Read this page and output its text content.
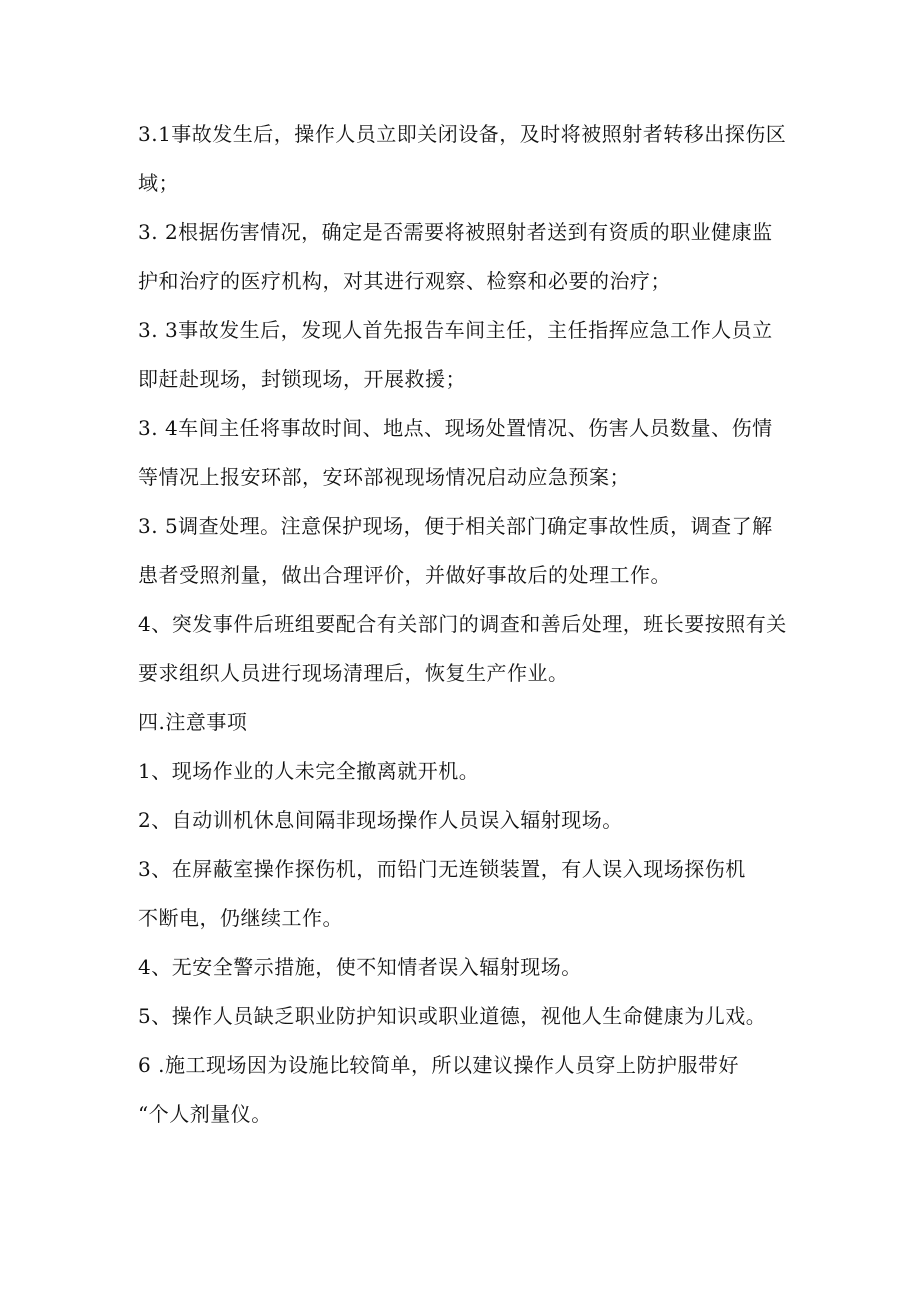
3.1事故发生后，操作人员立即关闭设备，及时将被照射者转移出探伤区
域；
3. 2根据伤害情况，确定是否需要将被照射者送到有资质的职业健康监
护和治疗的医疗机构，对其进行观察、检察和必要的治疗；
3. 3事故发生后，发现人首先报告车间主任，主任指挥应急工作人员立
即赶赴现场，封锁现场，开展救援；
3. 4车间主任将事故时间、地点、现场处置情况、伤害人员数量、伤情
等情况上报安环部，安环部视现场情况启动应急预案；
3. 5调查处理。注意保护现场，便于相关部门确定事故性质，调查了解
患者受照剂量，做出合理评价，并做好事故后的处理工作。
4、突发事件后班组要配合有关部门的调查和善后处理，班长要按照有关
要求组织人员进行现场清理后，恢复生产作业。
四.注意事项
1、现场作业的人未完全撤离就开机。
2、自动训机休息间隔非现场操作人员误入辐射现场。
3、在屏蔽室操作探伤机，而铅门无连锁装置，有人误入现场探伤机
不断电，仍继续工作。
4、无安全警示措施，使不知情者误入辐射现场。
5、操作人员缺乏职业防护知识或职业道德，视他人生命健康为儿戏。
6 .施工现场因为设施比较简单，所以建议操作人员穿上防护服带好
“个人剂量仪。
